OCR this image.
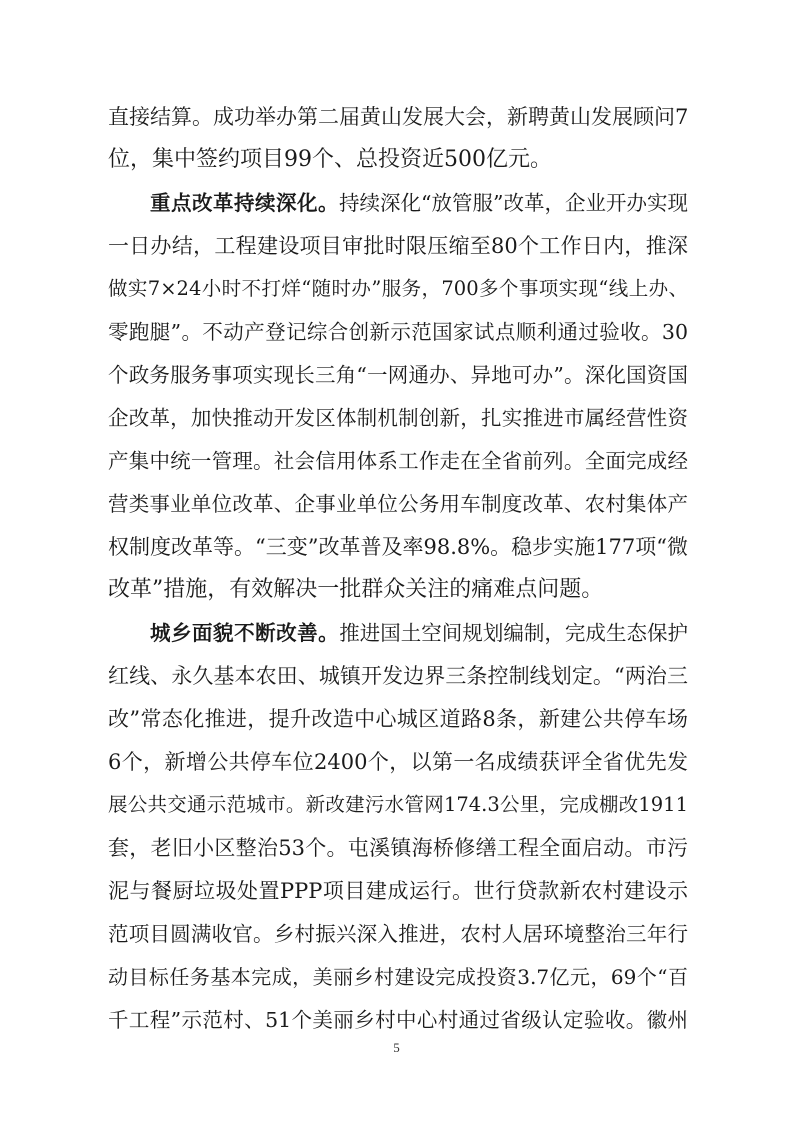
直接结算。成功举办第二届黄山发展大会，新聘黄山发展顾问7
位，集中签约项目99个、总投资近500亿元。
重点改革持续深化。持续深化“放管服”改革，企业开办实现
一日办结，工程建设项目审批时限压缩至80个工作日内，推深
做实7×24小时不打烊“随时办”服务，700多个事项实现“线上办、
零跑腿”。不动产登记综合创新示范国家试点顺利通过验收。30
个政务服务事项实现长三角“一网通办、异地可办”。深化国资国
企改革，加快推动开发区体制机制创新，扎实推进市属经营性资
产集中统一管理。社会信用体系工作走在全省前列。全面完成经
营类事业单位改革、企事业单位公务用车制度改革、农村集体产
权制度改革等。“三变”改革普及率98.8%。稳步实施177项“微
改革”措施，有效解决一批群众关注的痛难点问题。
城乡面貌不断改善。推进国土空间规划编制，完成生态保护
红线、永久基本农田、城镇开发边界三条控制线划定。“两治三
改”常态化推进，提升改造中心城区道路8条，新建公共停车场
6个，新增公共停车位2400个，以第一名成绩获评全省优先发
展公共交通示范城市。新改建污水管网174.3公里，完成棚改1911
套，老旧小区整治53个。屯溪镇海桥修缮工程全面启动。市污
泥与餐厨垃圾处置PPP项目建成运行。世行贷款新农村建设示
范项目圆满收官。乡村振兴深入推进，农村人居环境整治三年行
动目标任务基本完成，美丽乡村建设完成投资3.7亿元，69个“百
千工程”示范村、51个美丽乡村中心村通过省级认定验收。徽州
5
